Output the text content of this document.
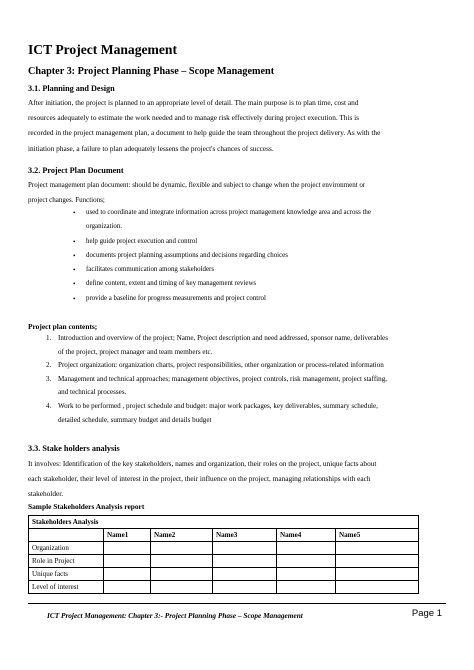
ICT Project Management
Chapter 3: Project Planning Phase – Scope Management
3.1. Planning and Design
After initiation, the project is planned to an appropriate level of detail. The main purpose is to plan time, cost and
resources adequately to estimate the work needed and to manage risk effectively during project execution. This is
recorded in the project management plan, a document to help guide the team throughout the project delivery. As with the
initiation phase, a failure to plan adequately lessens the project's chances of success.
3.2. Project Plan Document
Project management plan document: should be dynamic, flexible and subject to change when the project environment or
project changes. Functions;
• used to coordinate and integrate information across project management knowledge area and across the
organization.
• help guide project execution and control
• documents project planning assumptions and decisions regarding choices
• facilitates communication among stakeholders
• define content, extent and timing of key management reviews
• provide a baseline for progress measurements and project control
Project plan contents;
1. Introduction and overview of the project; Name, Project description and need addressed, sponsor name, deliverables
of the project, project manager and team members etc.
2. Project organization: organization charts, project responsibilities, other organization or process-related information
3. Management and technical approaches; management objectives, project controls, risk management, project staffing,
and technical processes.
4. Work to be performed , project schedule and budget: major work packages, key deliverables, summary schedule,
detailed schedule, summary budget and details budget
3.3. Stake holders analysis
It involves: Identification of the key stakeholders, names and organization, their roles on the project, unique facts about
each stakeholder, their level of interest in the project, their influence on the project, managing relationships with each
stakeholder.
Sample Stakeholders Analysis report
Stakeholders Analysis					
	Name1	Name2	Name3	Name4	Name5
Organization					
Role in Project					
Unique facts					
Level of interest					
ICT Project Management: Chapter 3:- Project Planning Phase – Scope Management	Page 1
